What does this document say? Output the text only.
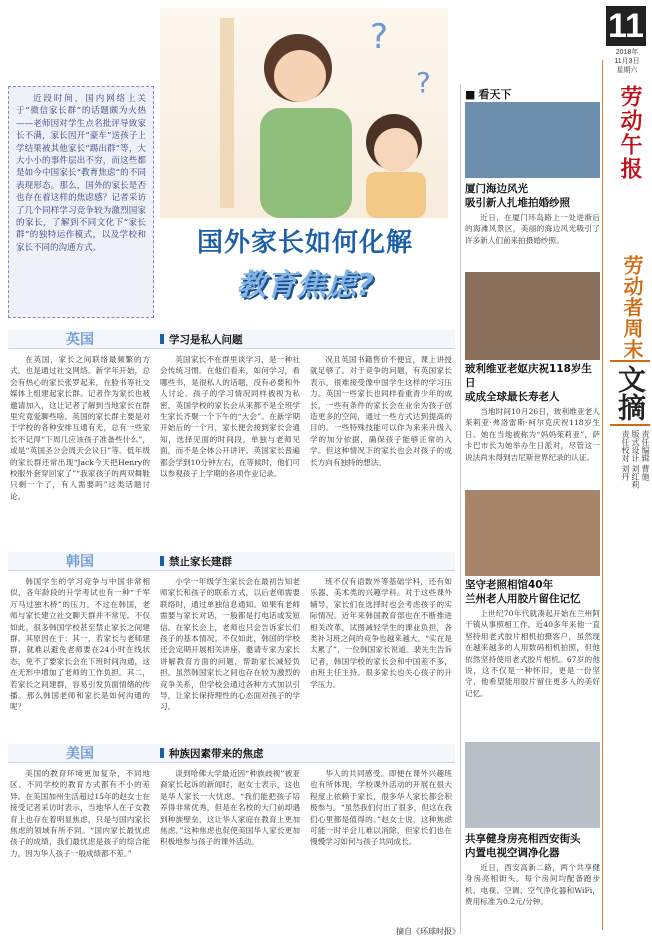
11
2018年
11月3日
星期六
劳动午报
劳动者周末
文摘
责任编辑 曹施
版式设计 刘红莉
责任校对 刘丹
近段时间，国内网络上关于“微信家长群”的话题颇为火热——老师因对学生点名批评导致家长不满，家长因开“豪车”送孩子上学结果被其他家长“踢出群”等，大大小小的事件层出不穷，而这些都是如今中国家长“教育焦虑”的不同表现形态。那么，国外的家长是否也存在着这样的焦虑感？记者采访了几个同样学习竞争较为激烈国家的家长，了解到不同文化下“家长群”的独特运作模式，以及学校和家长不同的沟通方式。
?
?
国外家长如何化解
教育焦虑?
英国	学习是私人问题

在英国，家长之间联络最频繁的方式，也是通过社交网络。新学年开始，总会有热心的家长张罗起来，在脸书等社交媒体上组建起家长群。记者作为家长也被邀请加入，这让记者了解到当地家长在群里究竟爱聊些啥。英国的家长群主要是对于学校的各种安排互通有无，总有一些家长不记得“下周几应该孩子准备些什么”，或是“英国圣公会周天会议日”等。低年级的家长群还常出现“Jack今天把Henry的校服外套穿回家了”“我家孩子的两双舞鞋只剩一个了，有人需要吗”这类话题讨论。

英国家长不在群里谈学习，是一种社会传统习惯。在他们看来，如何学习，看哪些书，是很私人的话题，没有必要和外人讨论。孩子的学习情况同样被视为私密，英国学校的家长会从来都不是全班学生家长齐聚一个下午的“大会”。在新学期开始后的一个月，家长便会接到家长会通知，选择见面的时间段，单独与老师见面，而不是全体公开讲评。英国家长普遍都会学到10分钟左右，在等候时，他们可以参观孩子上学期的各项作业记录。

况且英国书籍售价不便宜，课上讲授就足够了。对于竞争的问题，有英国家长表示，很难接受像中国学生这样的学习压力。英国一些家长也同样看重青少年的成长，一些有条件的家长会在业余为孩子创造更多的空间，通过一些方式达到提高的目的。一些特殊技能可以作为来来升级入学的加分依据，确保孩子能够正常的入学。但这种情况下的家长也会对孩子的成长方向有独特的想法。

韩国	禁止家长建群

韩国学生的学习竞争与中国非常相似，各年龄段的升学考试也有一种“千军万马过独木桥”的压力。不过在韩国，老师与家长建立社交聊天群并不常见。不仅如此，很多韩国学校甚至禁止家长之间建群。其原因在于：其一，若家长与老师建群，就难以避免老师要在24小时在线状态，免不了要家长会在下班时间沟通，这在无形中增加了老师的工作负担。其二，若家长之间建群，容易引发负面情绪的传播。那么韩国老师和家长是如何沟通的呢？

小学一年级学生家长会在最初告知老师家长和孩子的联系方式，以后老师需要联络时，通过单独信息通知。如果有老师需要与家长对话，一般都是打电话或发短信。在家长会上，老师也只会告诉家长们孩子的基本情况。不仅如此，韩国的学校还会定期开展相关讲座，邀请专家为家长讲解教育方面的问题，帮助家长减轻负担。虽然韩国家长之间也存在较为激烈的竞争关系，但学校会通过各种方式加以引导，让家长保持理性的心态面对孩子的学习。

班不仅有语数外等基础学科，还有如乐器、美术类的兴趣学科。对于这些课外辅导，家长们在选择时也会考虑孩子的实际情况。近年来韩国教育部也在不断推进相关改革，试图减轻学生的课业负担，各类补习班之间的竞争也越来越大。“实在是太累了”，一位韩国家长说道。裴先生告诉记者，韩国学校的家长会和中国差不多，由班主任主持。很多家长也关心孩子的升学压力。

美国	种族因素带来的焦虑

美国的教育环境更加复杂，不同地区、不同学校的教育方式都有不小的差异。在美国加州生活超过15年的赵女士在接受记者采访时表示，当地华人在子女教育上也存在着明显焦虑，只是与国内家长焦虑的领域有所不同。“国内家长最忧虑孩子的成绩，我们最忧虑是孩子的综合能力，因为华人孩子一般成绩都不差。”

谈到哈佛大学最近因“种族歧视”被亚裔家长起诉的新闻时，赵女士表示，这也是华人家长一大忧虑。“我们能把孩子培养得非常优秀，但是在名校的大门前却遇到种族壁垒，这让华人家庭在教育上更加焦虑。”这种焦虑也促使美国华人家长更加积极地参与孩子的课外活动。

华人的共同感受。即便在课外兴趣班也有所体现，学校课外活动的开展在很大程度上依赖于家长，很多华人家长都会积极参与。“虽然我们付出了很多，但这在我们心里都是值得的。”赵女士说，这种焦虑可能一时半会儿难以消除，但家长们也在慢慢学习如何与孩子共同成长。

摘自《环球时报》
■ 看天下
厦门海边风光
吸引新人扎堆拍婚纱照
近日，在厦门环岛路上一处进渐后的海滩风景区，美丽的海边风光吸引了许多新人们前来拍摄婚纱照。
玻利维亚老妪庆祝118岁生日
或成全球最长寿老人
当地时间10月26日，玻利维亚老人茱莉亚·弗洛雷斯·柯尔克庆祝118岁生日。她在当地被称为“妈妈茱莉亚”，萨卡巴市长为她举办生日派对，尽管这一说法尚未得到吉尼斯世界纪录的认证。
坚守老照相馆40年
兰州老人用胶片留住记忆
上世纪70年代就凑起开始在兰州阿干镇从事照相工作。近40多年来他一直坚持用老式胶片相机拍摄客户，虽然现在越来越多的人用数码相机拍照，但他依然坚持使用老式胶片相机。67岁的他说，这不仅是一种怀旧，更是一份坚守，他希望能用胶片留住更多人的美好记忆。
共享健身房亮相西安街头
内置电视空调净化器
近日，西安高新二路，两个共享健身房亮相街头。每个房间均配备跑步机、电视、空调、空气净化器和WiFi，费用标准为0.2元/分钟。
